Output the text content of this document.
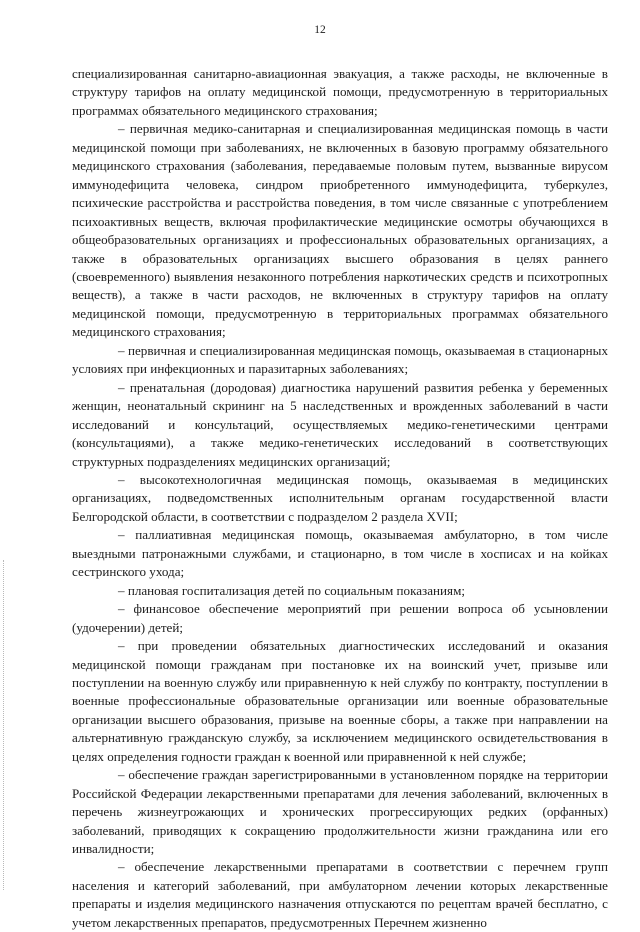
12

специализированная санитарно-авиационная эвакуация, а также расходы, не включенные в структуру тарифов на оплату медицинской помощи, предусмотренную в территориальных программах обязательного медицинского страхования;

– первичная медико-санитарная и специализированная медицинская помощь в части медицинской помощи при заболеваниях, не включенных в базовую программу обязательного медицинского страхования (заболевания, передаваемые половым путем, вызванные вирусом иммунодефицита человека, синдром приобретенного иммунодефицита, туберкулез, психические расстройства и расстройства поведения, в том числе связанные с употреблением психоактивных веществ, включая профилактические медицинские осмотры обучающихся в общеобразовательных организациях и профессиональных образовательных организациях, а также в образовательных организациях высшего образования в целях раннего (своевременного) выявления незаконного потребления наркотических средств и психотропных веществ), а также в части расходов, не включенных в структуру тарифов на оплату медицинской помощи, предусмотренную в территориальных программах обязательного медицинского страхования;

– первичная и специализированная медицинская помощь, оказываемая в стационарных условиях при инфекционных и паразитарных заболеваниях;

– пренатальная (дородовая) диагностика нарушений развития ребенка у беременных женщин, неонатальный скрининг на 5 наследственных и врожденных заболеваний в части исследований и консультаций, осуществляемых медико-генетическими центрами (консультациями), а также медико-генетических исследований в соответствующих структурных подразделениях медицинских организаций;

– высокотехнологичная медицинская помощь, оказываемая в медицинских организациях, подведомственных исполнительным органам государственной власти Белгородской области, в соответствии с подразделом 2 раздела XVII;

– паллиативная медицинская помощь, оказываемая амбулаторно, в том числе выездными патронажными службами, и стационарно, в том числе в хосписах и на койках сестринского ухода;

– плановая госпитализация детей по социальным показаниям;

– финансовое обеспечение мероприятий при решении вопроса об усыновлении (удочерении) детей;

– при проведении обязательных диагностических исследований и оказания медицинской помощи гражданам при постановке их на воинский учет, призыве или поступлении на военную службу или приравненную к ней службу по контракту, поступлении в военные профессиональные образовательные организации или военные образовательные организации высшего образования, призыве на военные сборы, а также при направлении на альтернативную гражданскую службу, за исключением медицинского освидетельствования в целях определения годности граждан к военной или приравненной к ней службе;

– обеспечение граждан зарегистрированными в установленном порядке на территории Российской Федерации лекарственными препаратами для лечения заболеваний, включенных в перечень жизнеугрожающих и хронических прогрессирующих редких (орфанных) заболеваний, приводящих к сокращению продолжительности жизни гражданина или его инвалидности;

– обеспечение лекарственными препаратами в соответствии с перечнем групп населения и категорий заболеваний, при амбулаторном лечении которых лекарственные препараты и изделия медицинского назначения отпускаются по рецептам врачей бесплатно, с учетом лекарственных препаратов, предусмотренных Перечнем жизненно
